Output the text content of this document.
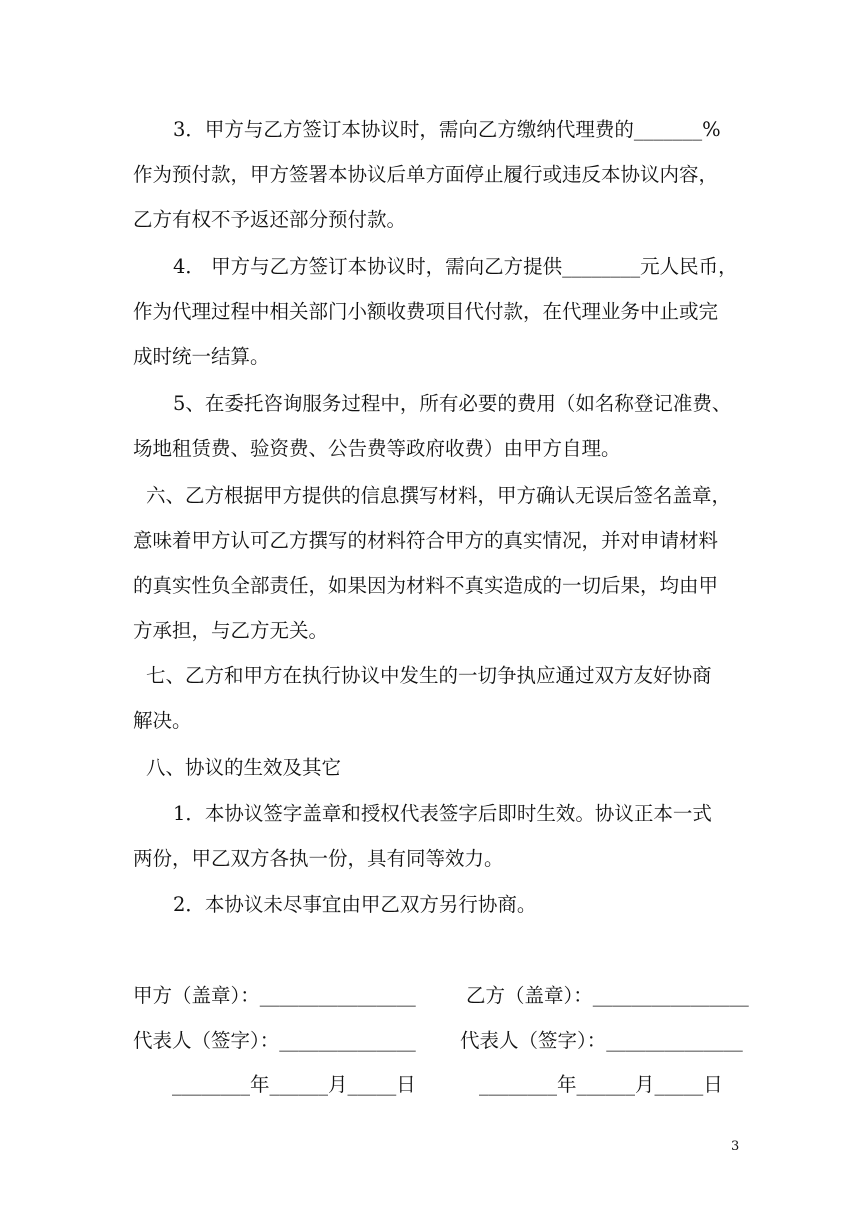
3．甲方与乙方签订本协议时，需向乙方缴纳代理费的_______%
作为预付款，甲方签署本协议后单方面停止履行或违反本协议内容，
乙方有权不予返还部分预付款。
4． 甲方与乙方签订本协议时，需向乙方提供________元人民币，
作为代理过程中相关部门小额收费项目代付款，在代理业务中止或完
成时统一结算。
5、在委托咨询服务过程中，所有必要的费用（如名称登记准费、
场地租赁费、验资费、公告费等政府收费）由甲方自理。
六、乙方根据甲方提供的信息撰写材料，甲方确认无误后签名盖章，
意味着甲方认可乙方撰写的材料符合甲方的真实情况，并对申请材料
的真实性负全部责任，如果因为材料不真实造成的一切后果，均由甲
方承担，与乙方无关。
七、乙方和甲方在执行协议中发生的一切争执应通过双方友好协商
解决。
八、协议的生效及其它
1．本协议签字盖章和授权代表签字后即时生效。协议正本一式
两份，甲乙双方各执一份，具有同等效力。
2．本协议未尽事宜由甲乙双方另行协商。
甲方（盖章）：________________	乙方（盖章）：________________
代表人（签字）：______________ 代表人（签字）：______________
________年______月_____日	________年______月_____日
3
